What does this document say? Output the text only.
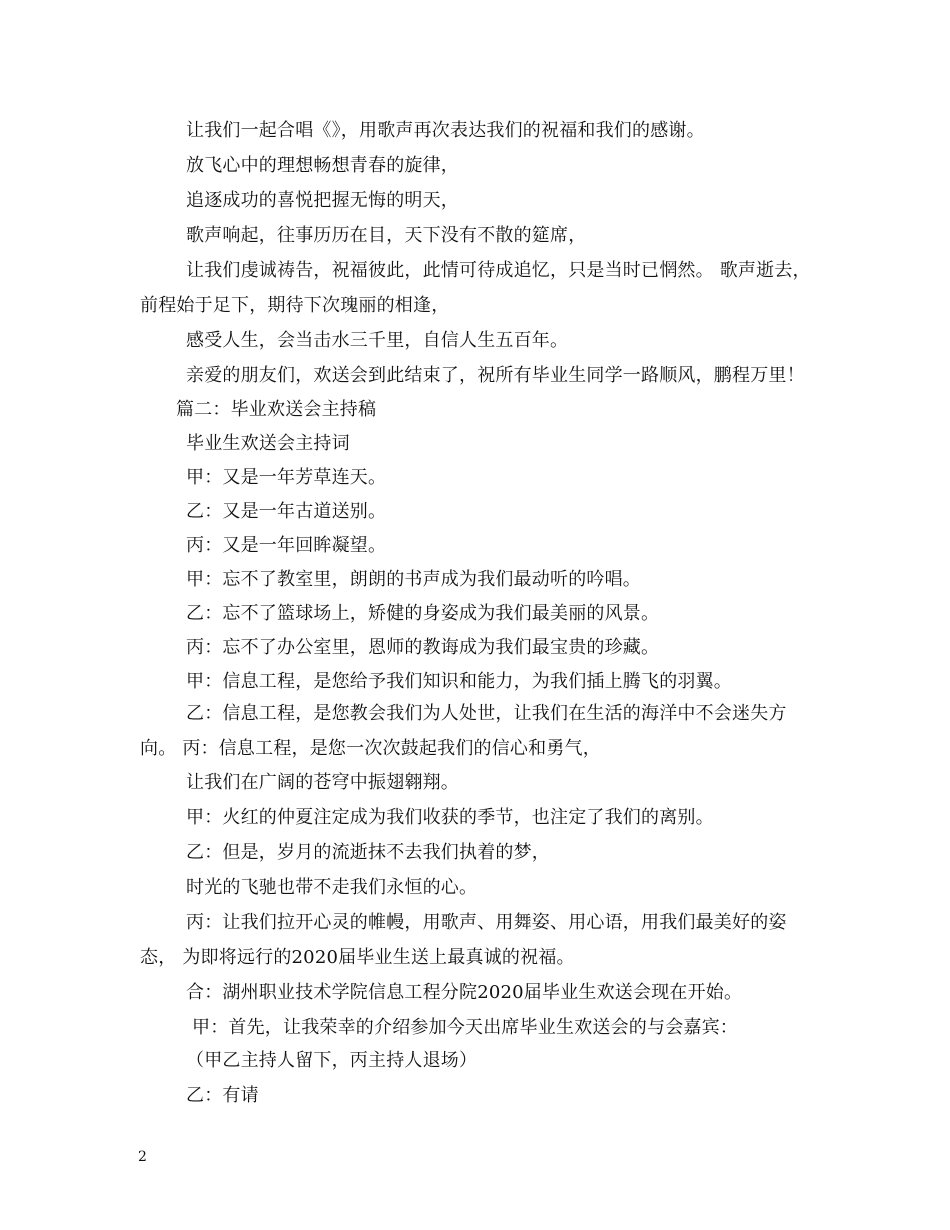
让我们一起合唱《》，用歌声再次表达我们的祝福和我们的感谢。
放飞心中的理想畅想青春的旋律，
追逐成功的喜悦把握无悔的明天，
歌声响起，往事历历在目，天下没有不散的筵席，
让我们虔诚祷告，祝福彼此，此情可待成追忆，只是当时已惘然。 歌声逝去，
前程始于足下，期待下次瑰丽的相逢，
感受人生，会当击水三千里，自信人生五百年。
亲爱的朋友们，欢送会到此结束了，祝所有毕业生同学一路顺风，鹏程万里！
篇二：毕业欢送会主持稿
毕业生欢送会主持词
甲：又是一年芳草连天。
乙：又是一年古道送别。
丙：又是一年回眸凝望。
甲：忘不了教室里，朗朗的书声成为我们最动听的吟唱。
乙：忘不了篮球场上，矫健的身姿成为我们最美丽的风景。
丙：忘不了办公室里，恩师的教诲成为我们最宝贵的珍藏。
甲：信息工程，是您给予我们知识和能力，为我们插上腾飞的羽翼。
乙：信息工程，是您教会我们为人处世，让我们在生活的海洋中不会迷失方
向。 丙：信息工程，是您一次次鼓起我们的信心和勇气，
让我们在广阔的苍穹中振翅翱翔。
甲：火红的仲夏注定成为我们收获的季节，也注定了我们的离别。
乙：但是，岁月的流逝抹不去我们执着的梦，
时光的飞驰也带不走我们永恒的心。
丙：让我们拉开心灵的帷幔，用歌声、用舞姿、用心语，用我们最美好的姿
态， 为即将远行的2020届毕业生送上最真诚的祝福。
合：湖州职业技术学院信息工程分院2020届毕业生欢送会现在开始。
甲：首先，让我荣幸的介绍参加今天出席毕业生欢送会的与会嘉宾：
（甲乙主持人留下，丙主持人退场）
乙：有请
2
